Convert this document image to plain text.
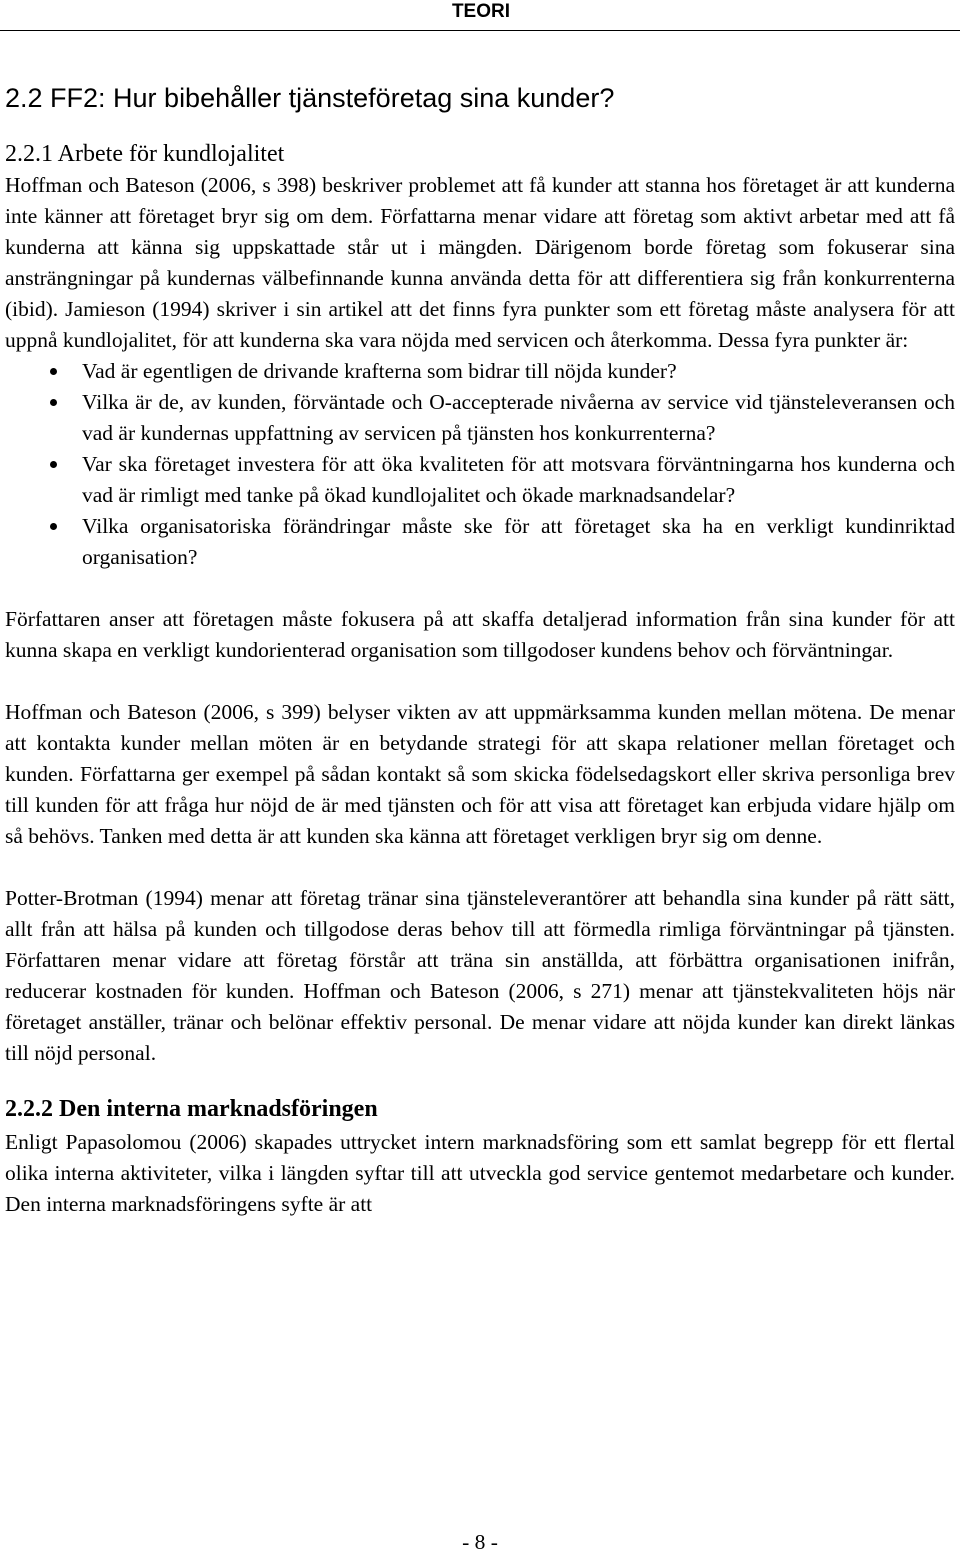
TEORI
2.2 FF2: Hur bibehåller tjänsteföretag sina kunder?
2.2.1 Arbete för kundlojalitet

Hoffman och Bateson (2006, s 398) beskriver problemet att få kunder att stanna hos företaget är att kunderna inte känner att företaget bryr sig om dem. Författarna menar vidare att företag som aktivt arbetar med att få kunderna att känna sig uppskattade står ut i mängden. Därigenom borde företag som fokuserar sina ansträngningar på kundernas välbefinnande kunna använda detta för att differentiera sig från konkurrenterna (ibid). Jamieson (1994) skriver i sin artikel att det finns fyra punkter som ett företag måste analysera för att uppnå kundlojalitet, för att kunderna ska vara nöjda med servicen och återkomma. Dessa fyra punkter är:

Vad är egentligen de drivande krafterna som bidrar till nöjda kunder?
Vilka är de, av kunden, förväntade och O-accepterade nivåerna av service vid tjänsteleveransen och vad är kundernas uppfattning av servicen på tjänsten hos konkurrenterna?
Var ska företaget investera för att öka kvaliteten för att motsvara förväntningarna hos kunderna och vad är rimligt med tanke på ökad kundlojalitet och ökade marknadsandelar?
Vilka organisatoriska förändringar måste ske för att företaget ska ha en verkligt kundinriktad organisation?

Författaren anser att företagen måste fokusera på att skaffa detaljerad information från sina kunder för att kunna skapa en verkligt kundorienterad organisation som tillgodoser kundens behov och förväntningar.

Hoffman och Bateson (2006, s 399) belyser vikten av att uppmärksamma kunden mellan mötena. De menar att kontakta kunder mellan möten är en betydande strategi för att skapa relationer mellan företaget och kunden. Författarna ger exempel på sådan kontakt så som skicka födelsedagskort eller skriva personliga brev till kunden för att fråga hur nöjd de är med tjänsten och för att visa att företaget kan erbjuda vidare hjälp om så behövs. Tanken med detta är att kunden ska känna att företaget verkligen bryr sig om denne.

Potter-Brotman (1994) menar att företag tränar sina tjänsteleverantörer att behandla sina kunder på rätt sätt, allt från att hälsa på kunden och tillgodose deras behov till att förmedla rimliga förväntningar på tjänsten. Författaren menar vidare att företag förstår att träna sin anställda, att förbättra organisationen inifrån, reducerar kostnaden för kunden. Hoffman och Bateson (2006, s 271) menar att tjänstekvaliteten höjs när företaget anställer, tränar och belönar effektiv personal. De menar vidare att nöjda kunder kan direkt länkas till nöjd personal.

2.2.2 Den interna marknadsföringen

Enligt Papasolomou (2006) skapades uttrycket intern marknadsföring som ett samlat begrepp för ett flertal olika interna aktiviteter, vilka i längden syftar till att utveckla god service gentemot medarbetare och kunder. Den interna marknadsföringens syfte är att

- 8 -
